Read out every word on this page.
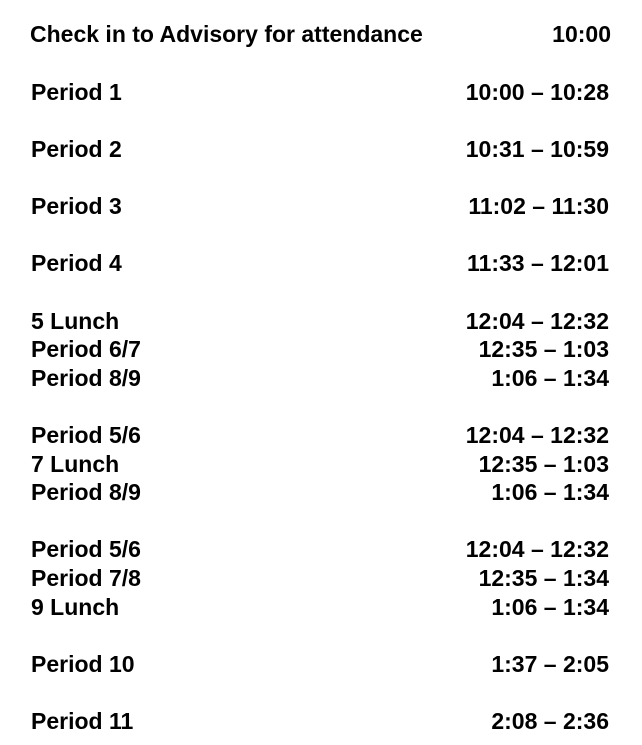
Check in to Advisory for attendance	10:00
Period 1	10:00 – 10:28
Period 2	10:31 – 10:59
Period 3	11:02 – 11:30
Period 4	11:33 – 12:01
5 Lunch	12:04 – 12:32
Period 6/7	12:35 – 1:03
Period 8/9	1:06 – 1:34
Period 5/6	12:04 – 12:32
7 Lunch	12:35 – 1:03
Period 8/9	1:06 – 1:34
Period 5/6	12:04 – 12:32
Period 7/8	12:35 – 1:34
9 Lunch	1:06 – 1:34
Period 10	1:37 – 2:05
Period 11	2:08 – 2:36
